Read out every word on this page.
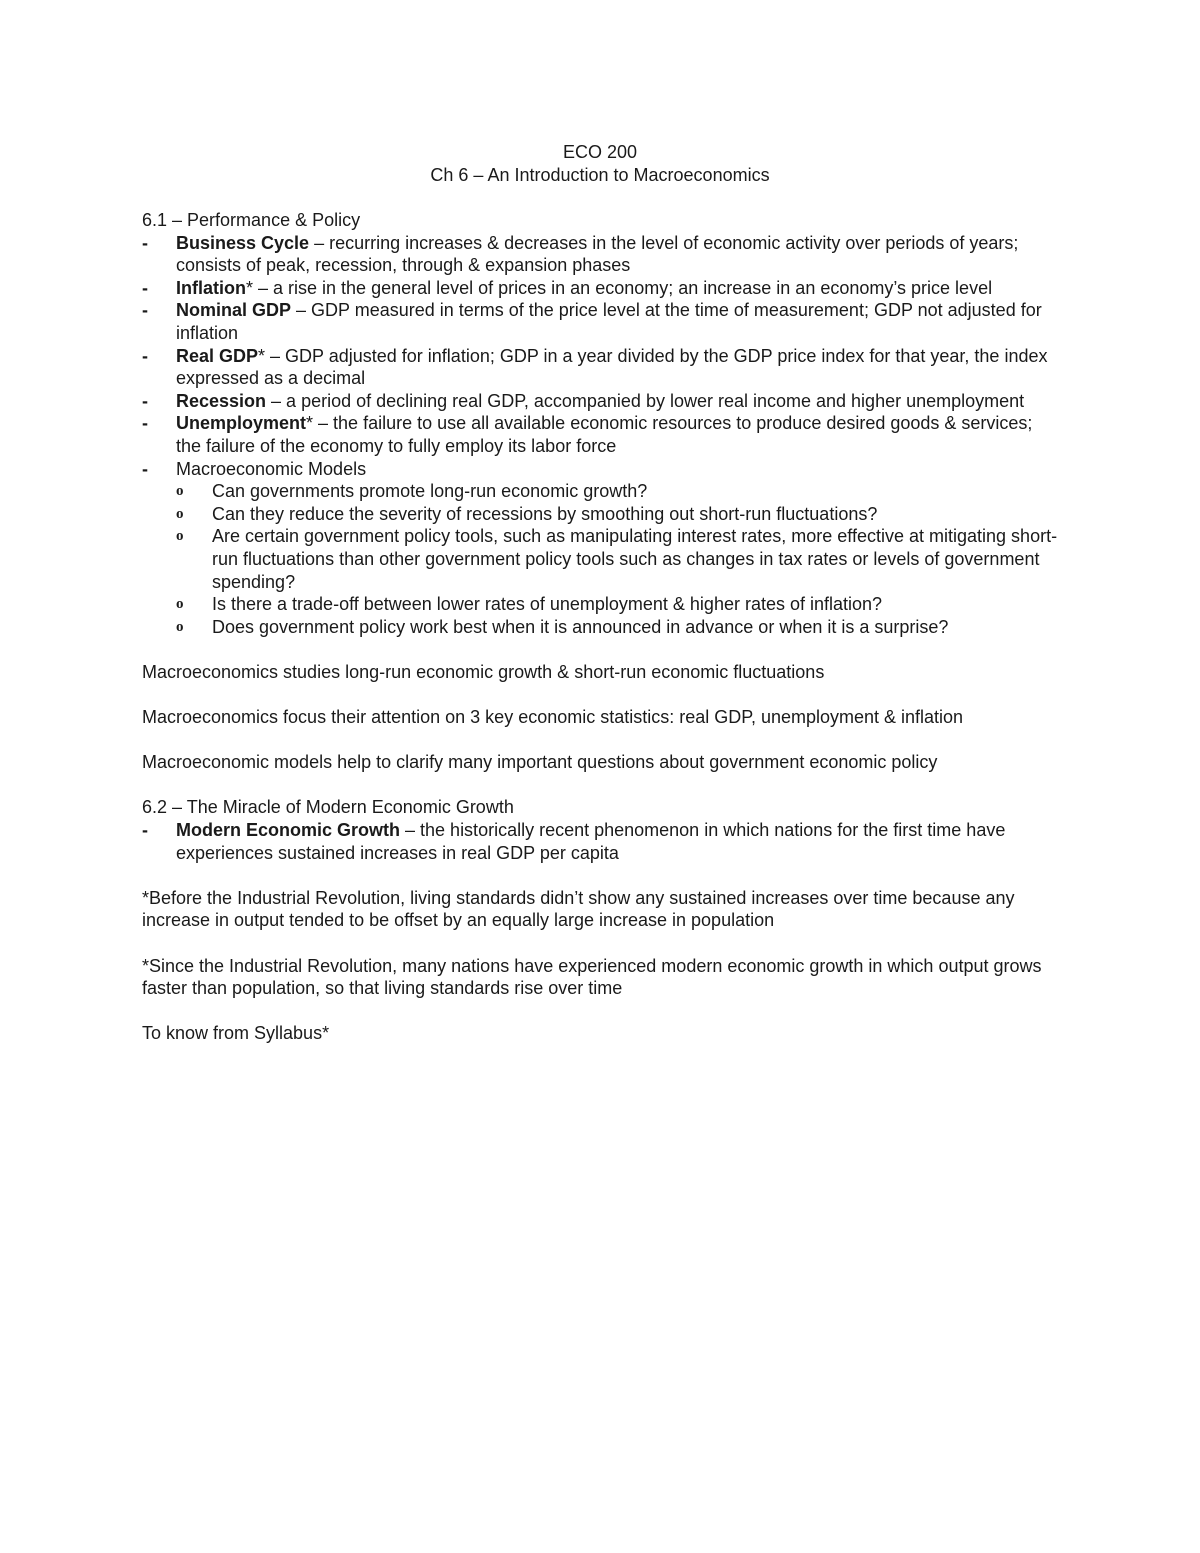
ECO 200
Ch 6 – An Introduction to Macroeconomics
6.1 – Performance & Policy
-	Business Cycle – recurring increases & decreases in the level of economic activity over periods of years; consists of peak, recession, through & expansion phases
-	Inflation* – a rise in the general level of prices in an economy; an increase in an economy’s price level
-	Nominal GDP – GDP measured in terms of the price level at the time of measurement; GDP not adjusted for inflation
-	Real GDP* – GDP adjusted for inflation; GDP in a year divided by the GDP price index for that year, the index expressed as a decimal
-	Recession – a period of declining real GDP, accompanied by lower real income and higher unemployment
-	Unemployment* – the failure to use all available economic resources to produce desired goods & services; the failure of the economy to fully employ its labor force
-	Macroeconomic Models
o Can governments promote long-run economic growth?
o Can they reduce the severity of recessions by smoothing out short-run fluctuations?
o Are certain government policy tools, such as manipulating interest rates, more effective at mitigating short-run fluctuations than other government policy tools such as changes in tax rates or levels of government spending?
o Is there a trade-off between lower rates of unemployment & higher rates of inflation?
o Does government policy work best when it is announced in advance or when it is a surprise?
Macroeconomics studies long-run economic growth & short-run economic fluctuations
Macroeconomics focus their attention on 3 key economic statistics: real GDP, unemployment & inflation
Macroeconomic models help to clarify many important questions about government economic policy
6.2 – The Miracle of Modern Economic Growth
-	Modern Economic Growth – the historically recent phenomenon in which nations for the first time have experiences sustained increases in real GDP per capita
*Before the Industrial Revolution, living standards didn’t show any sustained increases over time because any increase in output tended to be offset by an equally large increase in population
*Since the Industrial Revolution, many nations have experienced modern economic growth in which output grows faster than population, so that living standards rise over time
To know from Syllabus*
